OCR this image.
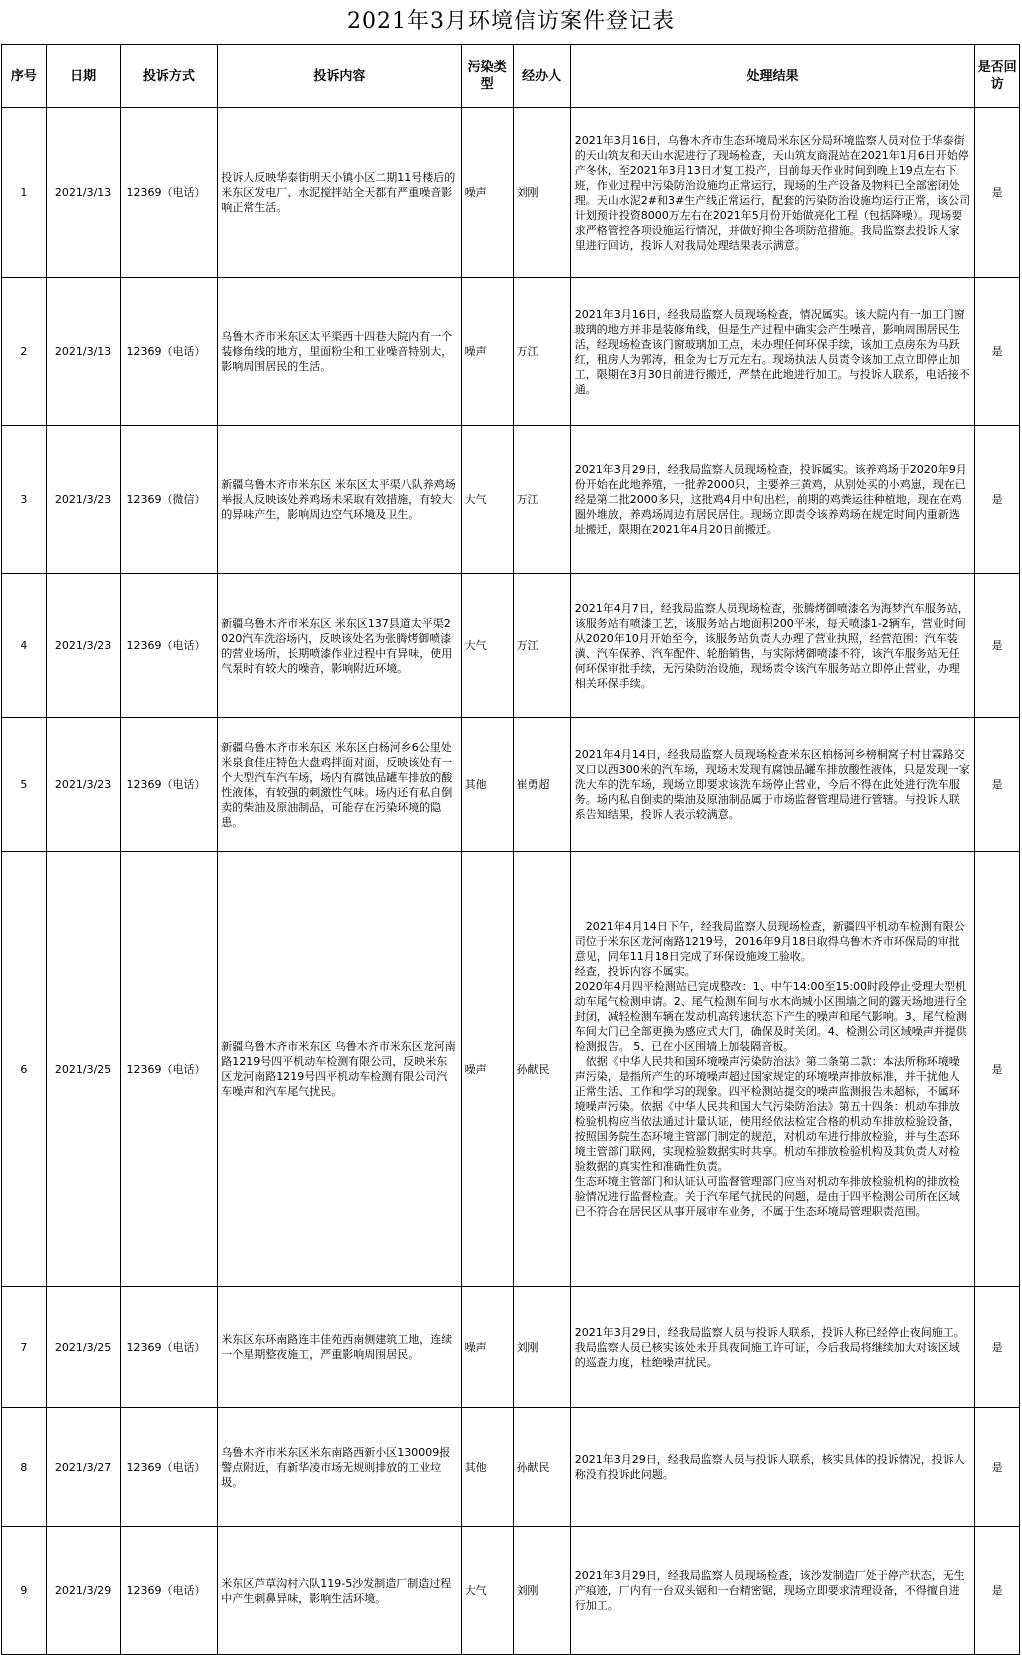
2021年3月环境信访案件登记表
序号	日期	投诉方式	投诉内容	污染类型	经办人	处理结果	是否回访
1	2021/3/13	12369（电话）	投诉人反映华泰街明天小镇小区二期11号楼后的米东区发电厂、水泥搅拌站全天都有严重噪音影响正常生活。	噪声	刘刚	2021年3月16日，乌鲁木齐市生态环境局米东区分局环境监察人员对位于华泰街的天山筑友和天山水泥进行了现场检查，天山筑友商混站在2021年1月6日开始停产冬休，至2021年3月13日才复工投产，目前每天作业时间到晚上19点左右下班，作业过程中污染防治设施均正常运行，现场的生产设备及物料已全部密闭处理。天山水泥2#和3#生产线正常运行，配套的污染防治设施均运行正常，该公司计划预计投资8000万左右在2021年5月份开始做亮化工程（包括降噪）。现场要求严格管控各项设施运行情况，并做好抑尘各项防范措施。我局监察去投诉人家里进行回访，投诉人对我局处理结果表示满意。	是
2	2021/3/13	12369（电话）	乌鲁木齐市米东区太平渠西十四巷大院内有一个装修角线的地方，里面粉尘和工业噪音特别大，影响周围居民的生活。	噪声	万江	2021年3月16日，经我局监察人员现场检查，情况属实。该大院内有一加工门窗玻璃的地方并非是装修角线，但是生产过程中确实会产生噪音，影响周围居民生活，经现场检查该门窗玻璃加工点，未办理任何环保手续，该加工点房东为马跃红，租房人为郭涛，租金为七万元左右。现场执法人员责令该加工点立即停止加工，限期在3月30日前进行搬迁，严禁在此地进行加工。与投诉人联系，电话接不通。	是
3	2021/3/23	12369（微信）	新疆乌鲁木齐市米东区 米东区太平渠八队养鸡场举报人反映该处养鸡场未采取有效措施，有较大的异味产生，影响周边空气环境及卫生。	大气	万江	2021年3月29日，经我局监察人员现场检查，投诉属实。该养鸡场于2020年9月份开始在此地养殖，一批养2000只，主要养三黄鸡，从别处买的小鸡崽，现在已经是第二批2000多只，这批鸡4月中旬出栏，前期的鸡粪运往种植地，现在在鸡圈外堆放，养鸡场周边有居民居住。现场立即责令该养鸡场在规定时间内重新选址搬迁，限期在2021年4月20日前搬迁。	是
4	2021/3/23	12369（电话）	新疆乌鲁木齐市米东区 米东区137县道太平渠2020汽车洗浴场内，反映该处名为张腾烤御喷漆的营业场所，长期喷漆作业过程中有异味，使用气泵时有较大的噪音，影响附近环境。	大气	万江	2021年4月7日，经我局监察人员现场检查，张腾烤御喷漆名为海梦汽车服务站，该服务站有喷漆工艺，该服务站占地面积200平米，每天喷漆1-2辆车，营业时间从2020年10月开始至今，该服务站负责人办理了营业执照，经营范围：汽车装潢、汽车保养、汽车配件、轮胎销售，与实际烤御喷漆不符，该汽车服务站无任何环保审批手续，无污染防治设施，现场责令该汽车服务站立即停止营业，办理相关环保手续。	是
5	2021/3/23	12369（电话）	新疆乌鲁木齐市米东区 米东区白杨河乡6公里处米泉食佳庄特色大盘鸡拌面对面，反映该处有一个大型汽车汽车场，场内有腐蚀品罐车排放的酸性液体，有较强的刺激性气味。场内还有私自倒卖的柴油及原油制品，可能存在污染环境的隐患。	其他	崔勇超	2021年4月14日，经我局监察人员现场检查米东区柏杨河乡榜桐窝子村甘霖路交叉口以西300米的汽车场，现场未发现有腐蚀品罐车排放酸性液体，只是发现一家洗大车的洗车场，现场立即要求该洗车场停止营业，今后不得在此处进行洗车服务。场内私自倒卖的柴油及原油制品属于市场监督管理局进行管辖。与投诉人联系告知结果，投诉人表示较满意。	是
6	2021/3/25	12369（电话）	新疆乌鲁木齐市米东区 乌鲁木齐市米东区龙河南路1219号四平机动车检测有限公司，反映米东区龙河南路1219号四平机动车检测有限公司汽车噪声和汽车尾气扰民。	噪声	孙献民	　2021年4月14日下午，经我局监察人员现场检查，新疆四平机动车检测有限公司位于米东区龙河南路1219号，2016年9月18日取得乌鲁木齐市环保局的审批意见，同年11月18日完成了环保设施竣工验收。

经查，投诉内容不属实。

2020年4月四平检测站已完成整改：1、中午14:00至15:00时段停止受理大型机动车尾气检测申请。2、尾气检测车间与水木尚城小区围墙之间的露天场地进行全封闭，减轻检测车辆在发动机高转速状态下产生的噪声和尾气影响。3、尾气检测车间大门已全部更换为感应式大门，确保及时关闭。4、检测公司区域噪声并提供检测报告。 5、已在小区围墙上加装隔音板。

　依据《中华人民共和国环境噪声污染防治法》第二条第二款：本法所称环境噪声污染，是指所产生的环境噪声超过国家规定的环境噪声排放标准，并干扰他人正常生活、工作和学习的现象。四平检测站提交的噪声监测报告未超标，不属环境噪声污染。依据《中华人民共和国大气污染防治法》第五十四条：机动车排放检验机构应当依法通过计量认证，使用经依法检定合格的机动车排放检验设备，按照国务院生态环境主管部门制定的规范，对机动车进行排放检验，并与生态环境主管部门联网，实现检验数据实时共享。机动车排放检验机构及其负责人对检验数据的真实性和准确性负责。

生态环境主管部门和认证认可监督管理部门应当对机动车排放检验机构的排放检验情况进行监督检查。关于汽车尾气扰民的问题，是由于四平检测公司所在区域已不符合在居民区从事开展审车业务，不属于生态环境局管理职责范围。	是
7	2021/3/25	12369（电话）	米东区东环南路连丰佳苑西南侧建筑工地，连续一个星期整夜施工，严重影响周围居民。	噪声	刘刚	2021年3月29日，经我局监察人员与投诉人联系，投诉人称已经停止夜间施工。我局监察人员已核实该处未开具夜间施工许可证，今后我局将继续加大对该区域的巡查力度，杜绝噪声扰民。	是
8	2021/3/27	12369（电话）	乌鲁木齐市米东区米东南路西新小区130009报警点附近，有新华凌市场无规则排放的工业垃圾。	其他	孙献民	2021年3月29日，经我局监察人员与投诉人联系，核实具体的投诉情况，投诉人称没有投诉此问题。	是
9	2021/3/29	12369（电话）	米东区芦草沟村六队119-5沙发制造厂制造过程中产生刺鼻异味，影响生活环境。	大气	刘刚	2021年3月29日，经我局监察人员现场检查，该沙发制造厂处于停产状态，无生产痕迹，厂内有一台双头锯和一台精密锯，现场立即要求清理设备，不得擅自进行加工。	是
